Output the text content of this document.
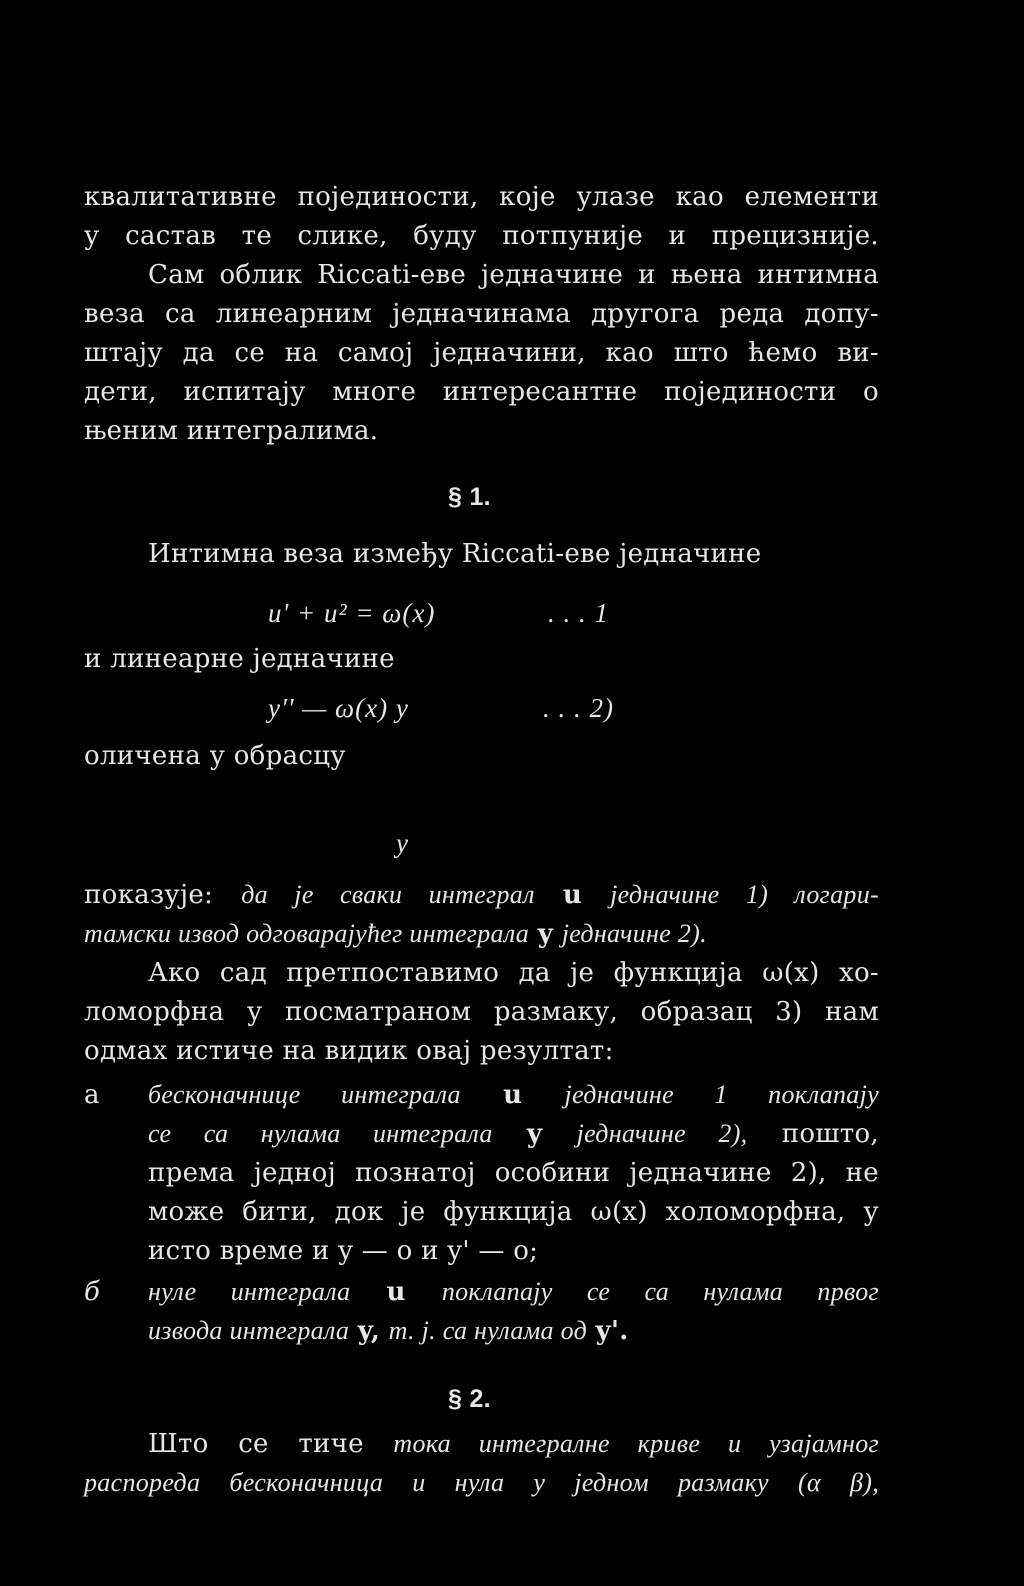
квалитативне појединости, које улазе као елементи
у састав те слике, буду потпуније и прецизније.
Сам облик Riccati-еве једначине и њена интимна
веза са линеарним једначинама другога реда допу-
штају да се на самој једначини, као што ћемо ви-
дети, испитају многе интересантне појединости о
њеним интегралима.
§ 1.
Интимна веза између Riccati-еве једначине
u' + u² = ω(x)	. . . 1
и линеарне једначине
y'' — ω(x) y	. . . 2)
оличена у обрасцу
y
показује: да је сваки интеграл u једначине 1) логари-
тамски извод одговарајућег интеграла y једначине 2).
Ако сад претпоставимо да је функција ω(x) хо-
ломорфна у посматраном размаку, образац 3) нам
одмах истиче на видик овај резултат:
а бесконачнице интеграла u једначине 1 поклапају
се са нулама интеграла y једначине 2), пошто,
према једној познатој особини једначине 2), не
може бити, док је функција ω(x) холоморфна, у
исто време и y — о и y' — о;
б нуле интеграла u поклапају се са нулама првог
извода интеграла y, т. ј. са нулама од y'.
§ 2.
Што се тиче тока интегралне криве и узајамног
распореда бесконачница и нула у једном размаку (α β),
